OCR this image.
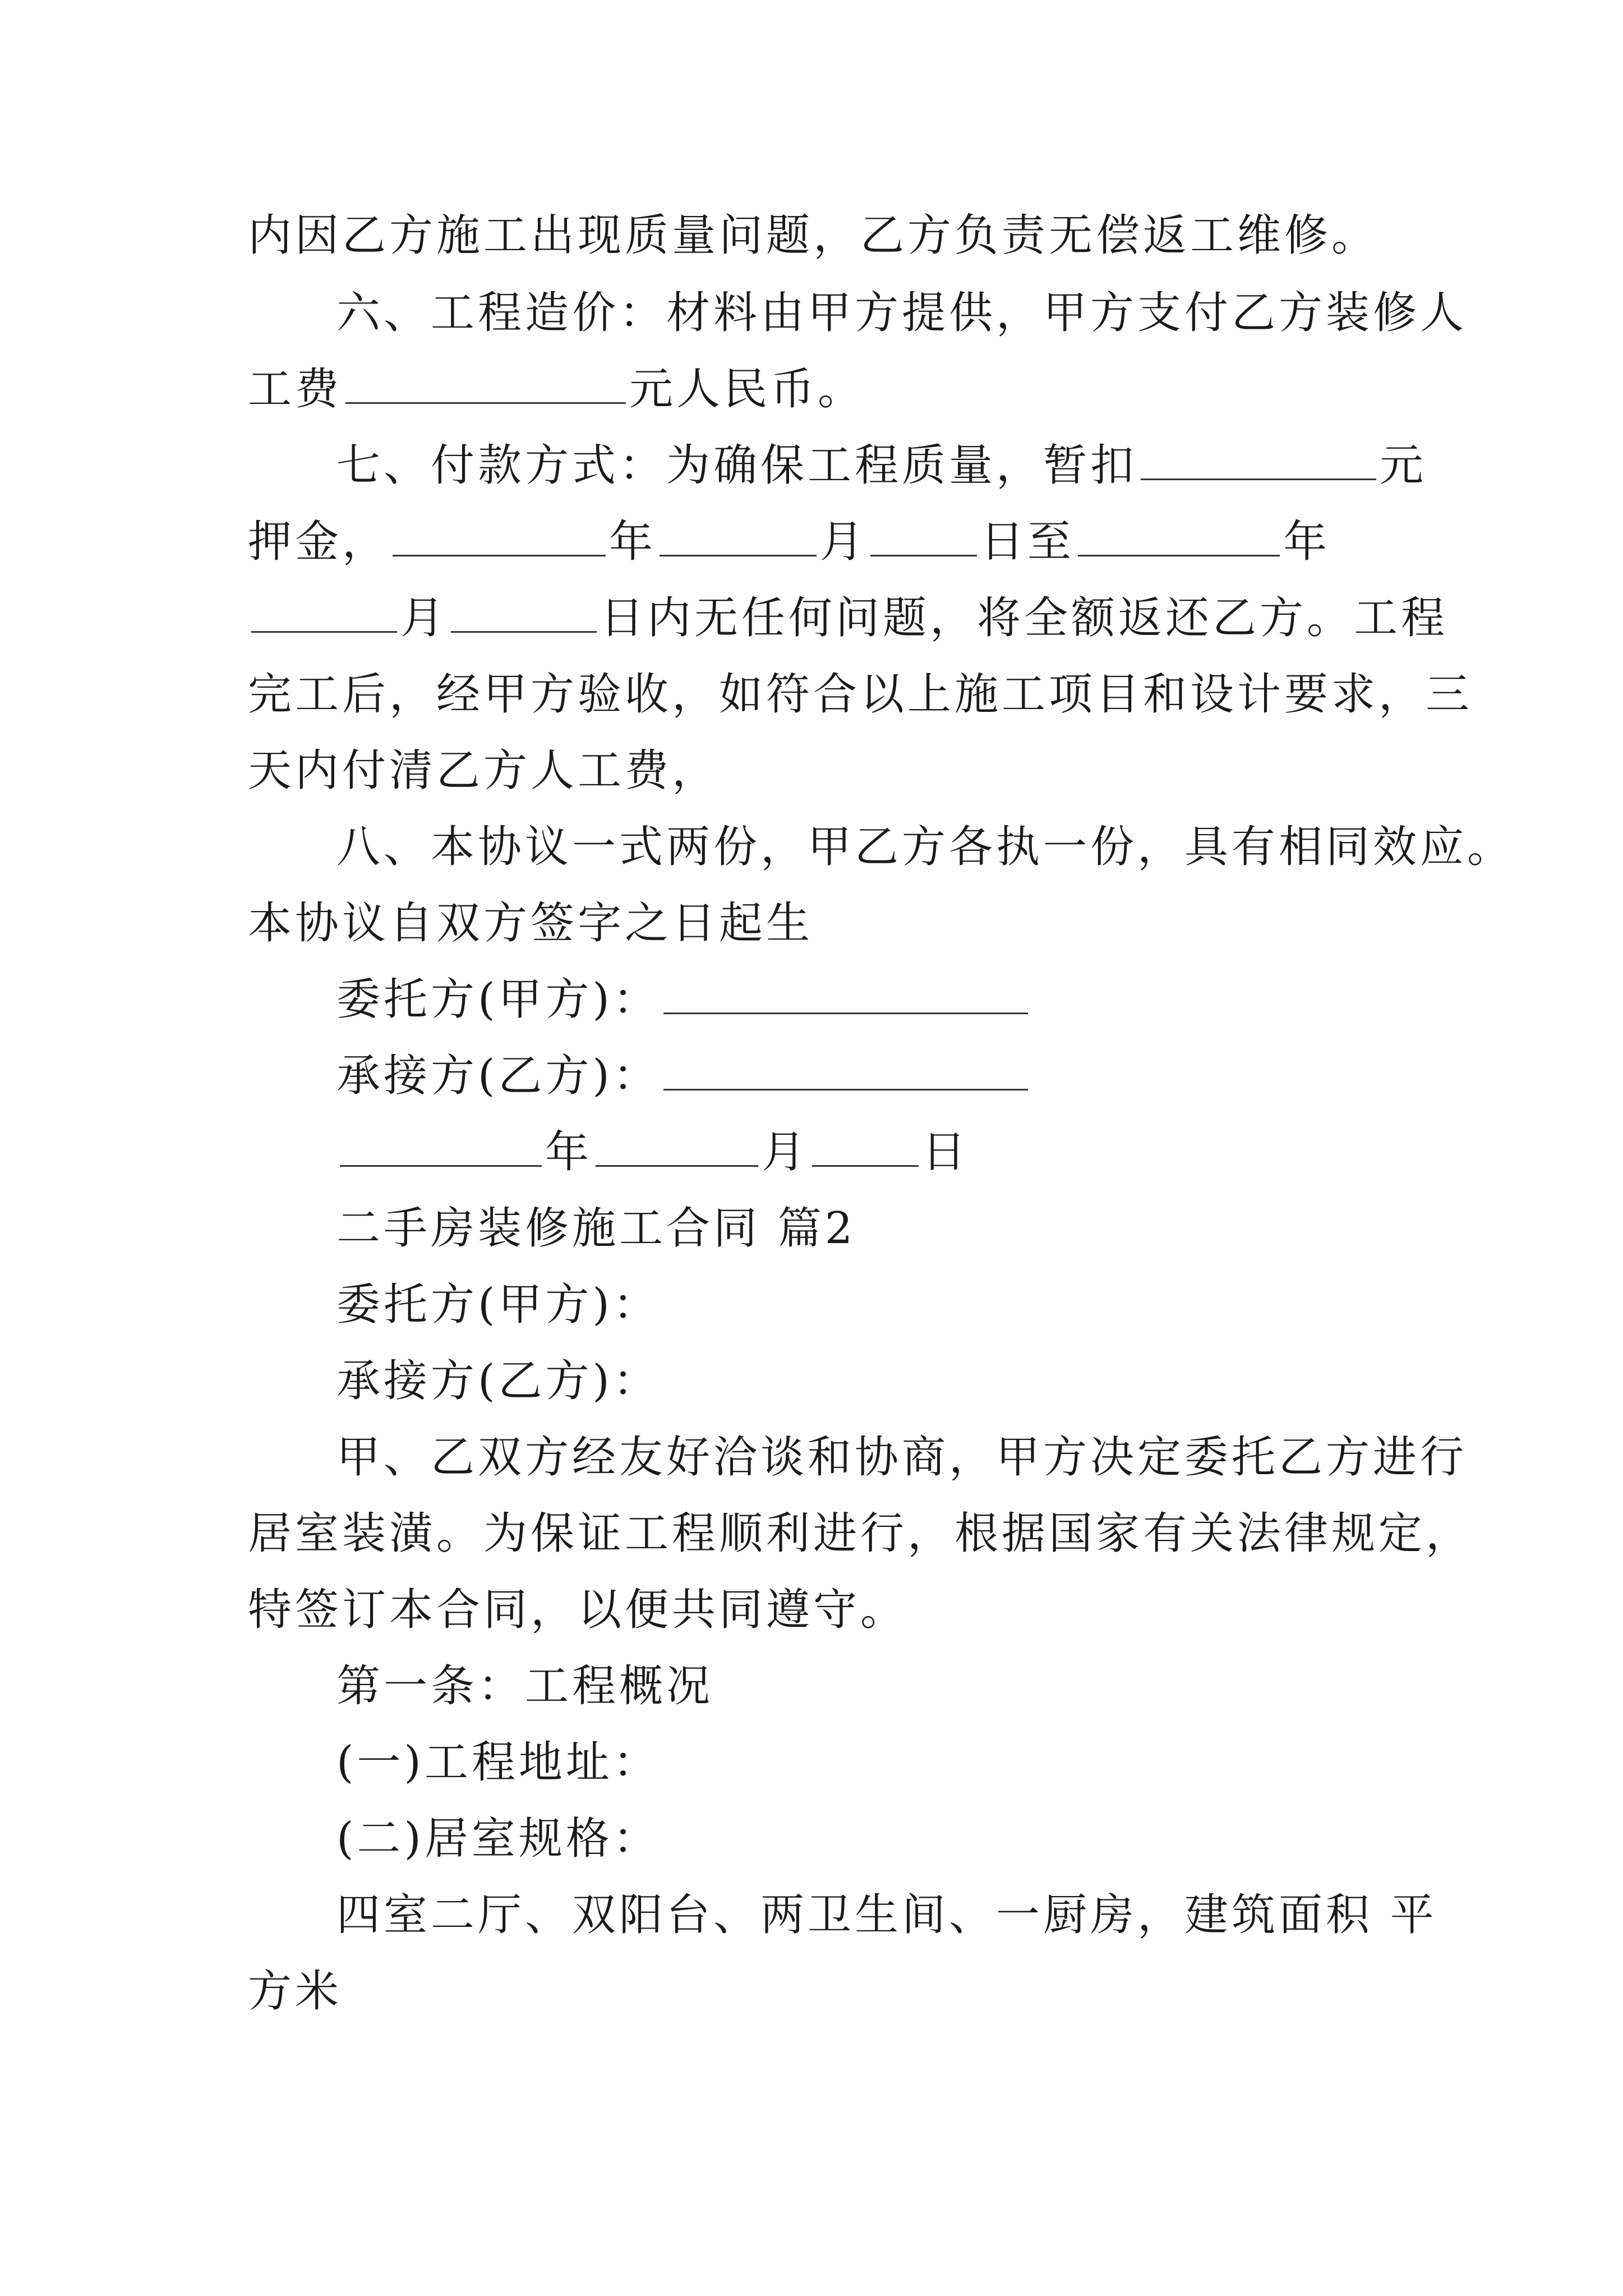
内因乙方施工出现质量问题，乙方负责无偿返工维修。
六、工程造价：材料由甲方提供，甲方支付乙方装修人
工费	元人民币。
七、付款方式：为确保工程质量，暂扣	元
押金，	年	月	日至	年
月	日内无任何问题，将全额返还乙方。工程
完工后，经甲方验收，如符合以上施工项目和设计要求，三
天内付清乙方人工费，
八、本协议一式两份，甲乙方各执一份，具有相同效应。
本协议自双方签字之日起生
委托方(甲方)：
承接方(乙方)：
年	月	日
二手房装修施工合同 篇2
委托方(甲方)：
承接方(乙方)：
甲、乙双方经友好洽谈和协商，甲方决定委托乙方进行
居室装潢。为保证工程顺利进行，根据国家有关法律规定，
特签订本合同，以便共同遵守。
第一条：工程概况
(一)工程地址：
(二)居室规格：
四室二厅、双阳台、两卫生间、一厨房，建筑面积 平
方米
